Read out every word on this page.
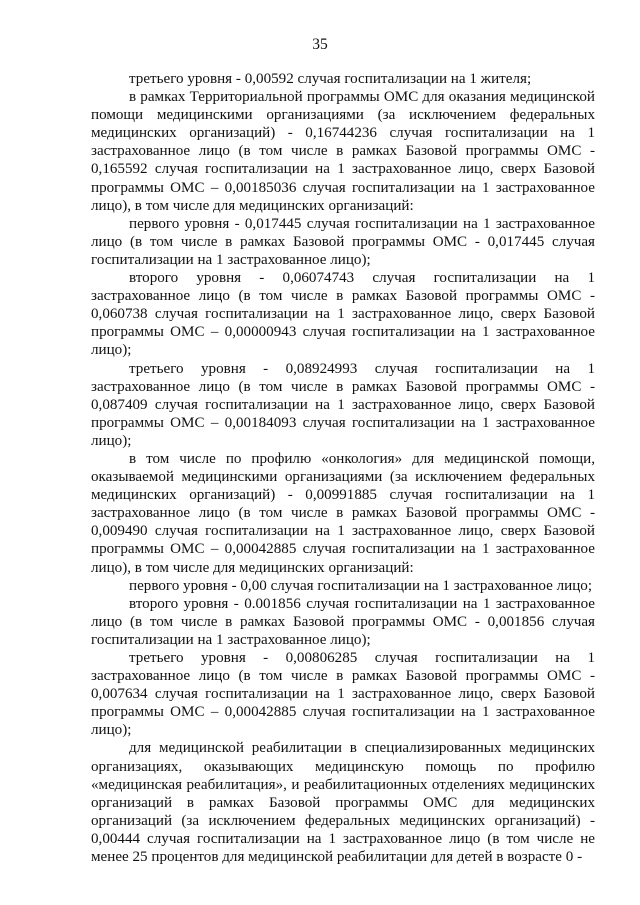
35

третьего уровня - 0,00592 случая госпитализации на 1 жителя;

в рамках Территориальной программы ОМС для оказания медицинской помощи медицинскими организациями (за исключением федеральных медицинских организаций) - 0,16744236 случая госпитализации на 1 застрахованное лицо (в том числе в рамках Базовой программы ОМС - 0,165592 случая госпитализации на 1 застрахованное лицо, сверх Базовой программы ОМС – 0,00185036 случая госпитализации на 1 застрахованное лицо), в том числе для медицинских организаций:

первого уровня - 0,017445 случая госпитализации на 1 застрахованное лицо (в том числе в рамках Базовой программы ОМС - 0,017445 случая госпитализации на 1 застрахованное лицо);

второго уровня - 0,06074743 случая госпитализации на 1 застрахованное лицо (в том числе в рамках Базовой программы ОМС - 0,060738 случая госпитализации на 1 застрахованное лицо, сверх Базовой программы ОМС – 0,00000943 случая госпитализации на 1 застрахованное лицо);

третьего уровня - 0,08924993 случая госпитализации на 1 застрахованное лицо (в том числе в рамках Базовой программы ОМС - 0,087409 случая госпитализации на 1 застрахованное лицо, сверх Базовой программы ОМС – 0,00184093 случая госпитализации на 1 застрахованное лицо);

в том числе по профилю «онкология» для медицинской помощи, оказываемой медицинскими организациями (за исключением федеральных медицинских организаций) - 0,00991885 случая госпитализации на 1 застрахованное лицо (в том числе в рамках Базовой программы ОМС - 0,009490 случая госпитализации на 1 застрахованное лицо, сверх Базовой программы ОМС – 0,00042885 случая госпитализации на 1 застрахованное лицо), в том числе для медицинских организаций:

первого уровня - 0,00 случая госпитализации на 1 застрахованное лицо;

второго уровня - 0.001856 случая госпитализации на 1 застрахованное лицо (в том числе в рамках Базовой программы ОМС - 0,001856 случая госпитализации на 1 застрахованное лицо);

третьего уровня - 0,00806285 случая госпитализации на 1 застрахованное лицо (в том числе в рамках Базовой программы ОМС - 0,007634 случая госпитализации на 1 застрахованное лицо, сверх Базовой программы ОМС – 0,00042885 случая госпитализации на 1 застрахованное лицо);

для медицинской реабилитации в специализированных медицинских организациях, оказывающих медицинскую помощь по профилю «медицинская реабилитация», и реабилитационных отделениях медицинских организаций в рамках Базовой программы ОМС для медицинских организаций (за исключением федеральных медицинских организаций) - 0,00444 случая госпитализации на 1 застрахованное лицо (в том числе не менее 25 процентов для медицинской реабилитации для детей в возрасте 0 -
